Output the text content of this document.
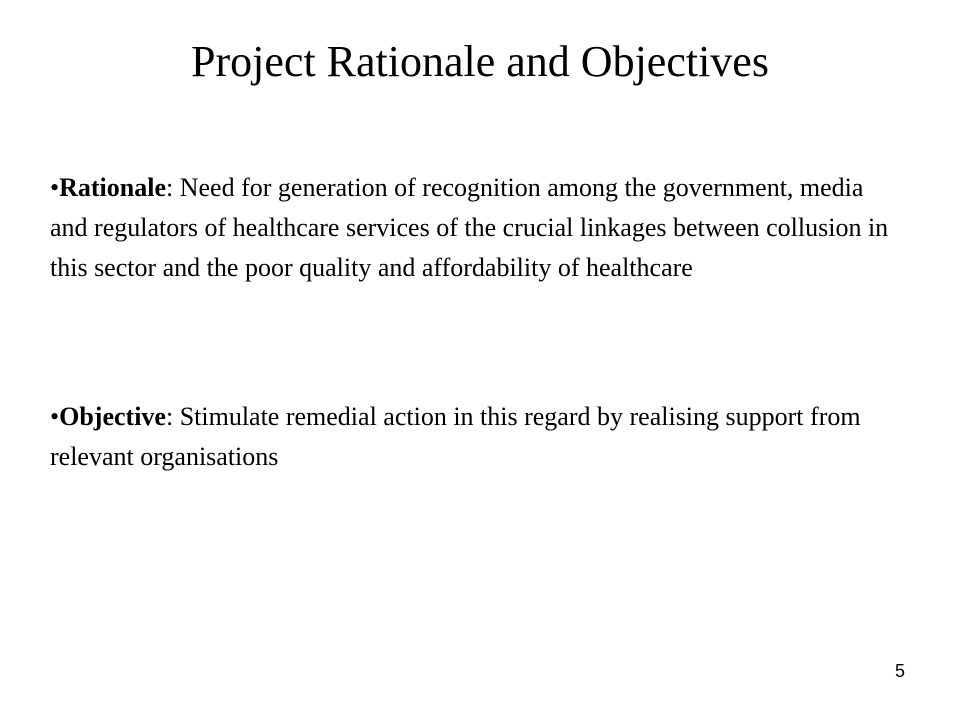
Project Rationale and Objectives

•Rationale: Need for generation of recognition among the government, media and regulators of healthcare services of the crucial linkages between collusion in this sector and the poor quality and affordability of healthcare

•Objective: Stimulate remedial action in this regard by realising support from relevant organisations

5
